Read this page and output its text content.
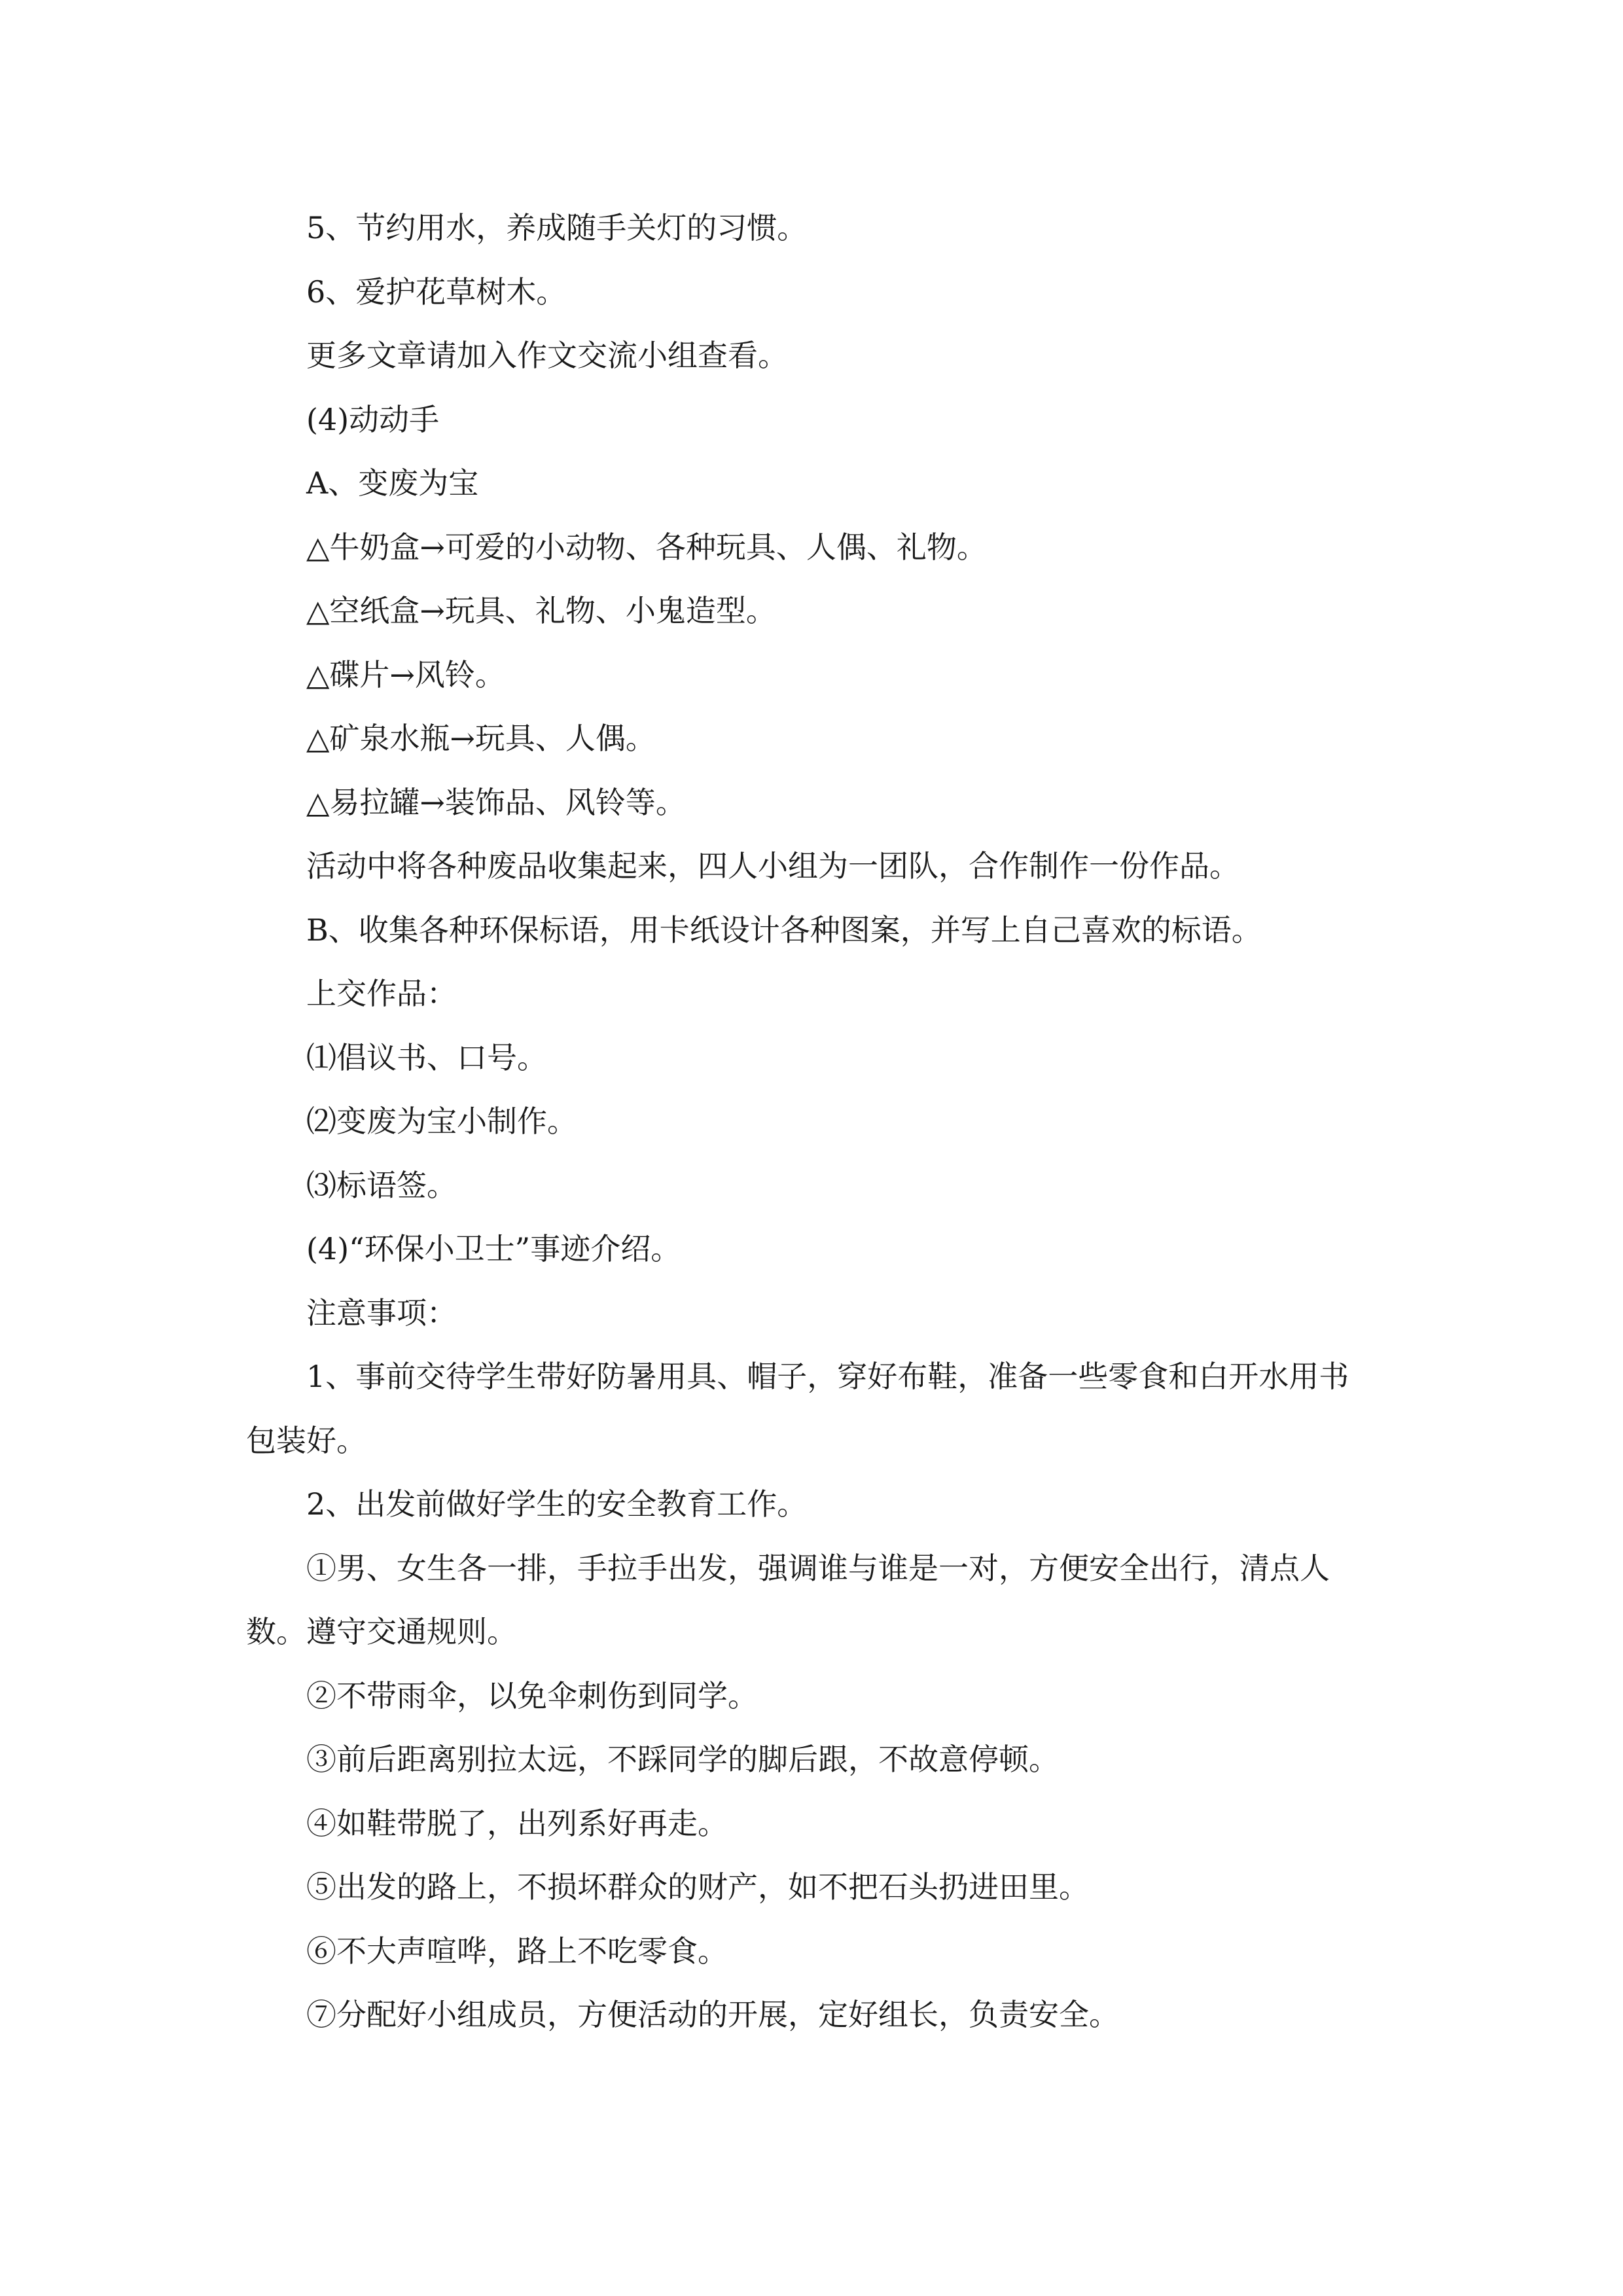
5、节约用水，养成随手关灯的习惯。

6、爱护花草树木。

更多文章请加入作文交流小组查看。

(4)动动手

A、变废为宝

△牛奶盒→可爱的小动物、各种玩具、人偶、礼物。

△空纸盒→玩具、礼物、小鬼造型。

△碟片→风铃。

△矿泉水瓶→玩具、人偶。

△易拉罐→装饰品、风铃等。

活动中将各种废品收集起来，四人小组为一团队，合作制作一份作品。

B、收集各种环保标语，用卡纸设计各种图案，并写上自己喜欢的标语。

上交作品：

⑴倡议书、口号。

⑵变废为宝小制作。

⑶标语签。

(4)“环保小卫士”事迹介绍。

注意事项：

1、事前交待学生带好防暑用具、帽子，穿好布鞋，准备一些零食和白开水用书包装好。

2、出发前做好学生的安全教育工作。

①男、女生各一排，手拉手出发，强调谁与谁是一对，方便安全出行，清点人数。遵守交通规则。

②不带雨伞，以免伞刺伤到同学。

③前后距离别拉太远，不踩同学的脚后跟，不故意停顿。

④如鞋带脱了，出列系好再走。

⑤出发的路上，不损坏群众的财产，如不把石头扔进田里。

⑥不大声喧哗，路上不吃零食。

⑦分配好小组成员，方便活动的开展，定好组长，负责安全。
